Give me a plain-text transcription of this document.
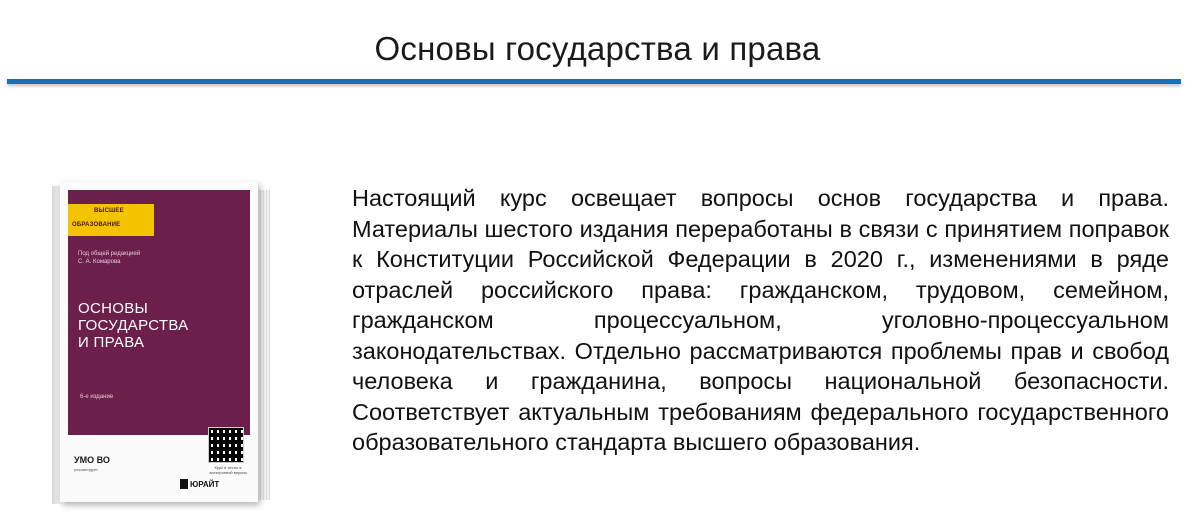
Основы государства и права
ВЫСШЕЕ
ОБРАЗОВАНИЕ
Под общей редакцией
С. А. Комаровa
ОСНОВЫ
ГОСУДАРСТВА
И ПРАВА
6-е издание
Курс и тесты в электронной версии
УМО ВО
рекомендует
ЮРАЙТ

Настоящий курс освещает вопросы основ государства и права. Материалы шестого издания переработаны в связи с принятием поправок к Конституции Российской Федерации в 2020 г., изменениями в ряде отраслей российского права: гражданском, трудовом, семейном, гражданском процессуальном, уголовно-процессуальном законодательствах. Отдельно рассматриваются проблемы прав и свобод человека и гражданина, вопросы национальной безопасности. Соответствует актуальным требованиям федерального государственного образовательного стандарта высшего образования.
